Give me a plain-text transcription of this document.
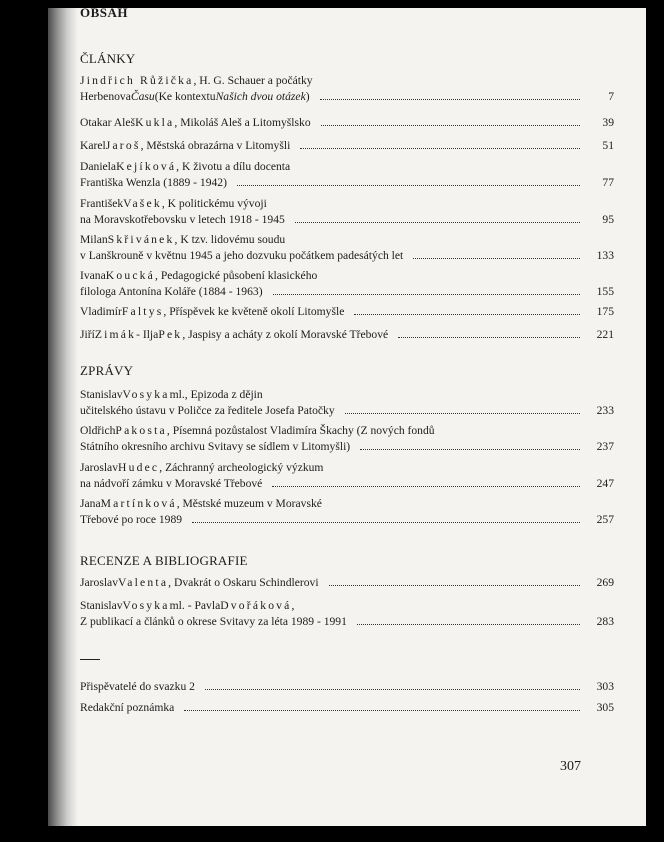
OBSAH
ČLÁNKY
Jindřich Růžička , H. G. Schauer a počátky
Herbenova Času (Ke kontextu Našich dvou otázek )	7
Otakar Aleš Kukla , Mikoláš Aleš a Litomyšlsko	39
Karel Jaroš , Městská obrazárna v Litomyšli	51
Daniela Kejíková , K životu a dílu docenta
Františka Wenzla (1889 - 1942)	77
František Vašek , K politickému vývoji
na Moravskotřebovsku v letech 1918 - 1945	95
Milan Skřivánek , K tzv. lidovému soudu
v Lanškrouně v květnu 1945 a jeho dozvuku počátkem padesátých let	133
Ivana Koucká , Pedagogické působení klasického
filologa Antonína Koláře (1884 - 1963)	155
Vladimír Faltys , Příspěvek ke květeně okolí Litomyšle	175
Jiří Zimák - Ilja Pek , Jaspisy a acháty z okolí Moravské Třebové	221
ZPRÁVY
Stanislav Vosyka ml., Epizoda z dějin
učitelského ústavu v Poličce za ředitele Josefa Patočky	233
Oldřich Pakosta , Písemná pozůstalost Vladimíra Škachy (Z nových fondů
Státního okresního archivu Svitavy se sídlem v Litomyšli)	237
Jaroslav Hudec , Záchranný archeologický výzkum
na nádvoří zámku v Moravské Třebové	247
Jana Martínková , Městské muzeum v Moravské
Třebové po roce 1989	257
RECENZE A BIBLIOGRAFIE
Jaroslav Valenta , Dvakrát o Oskaru Schindlerovi	269
Stanislav Vosyka ml. - Pavla Dvořáková ,
Z publikací a článků o okrese Svitavy za léta 1989 - 1991	283
Přispěvatelé do svazku 2	303
Redakční poznámka	305
307
